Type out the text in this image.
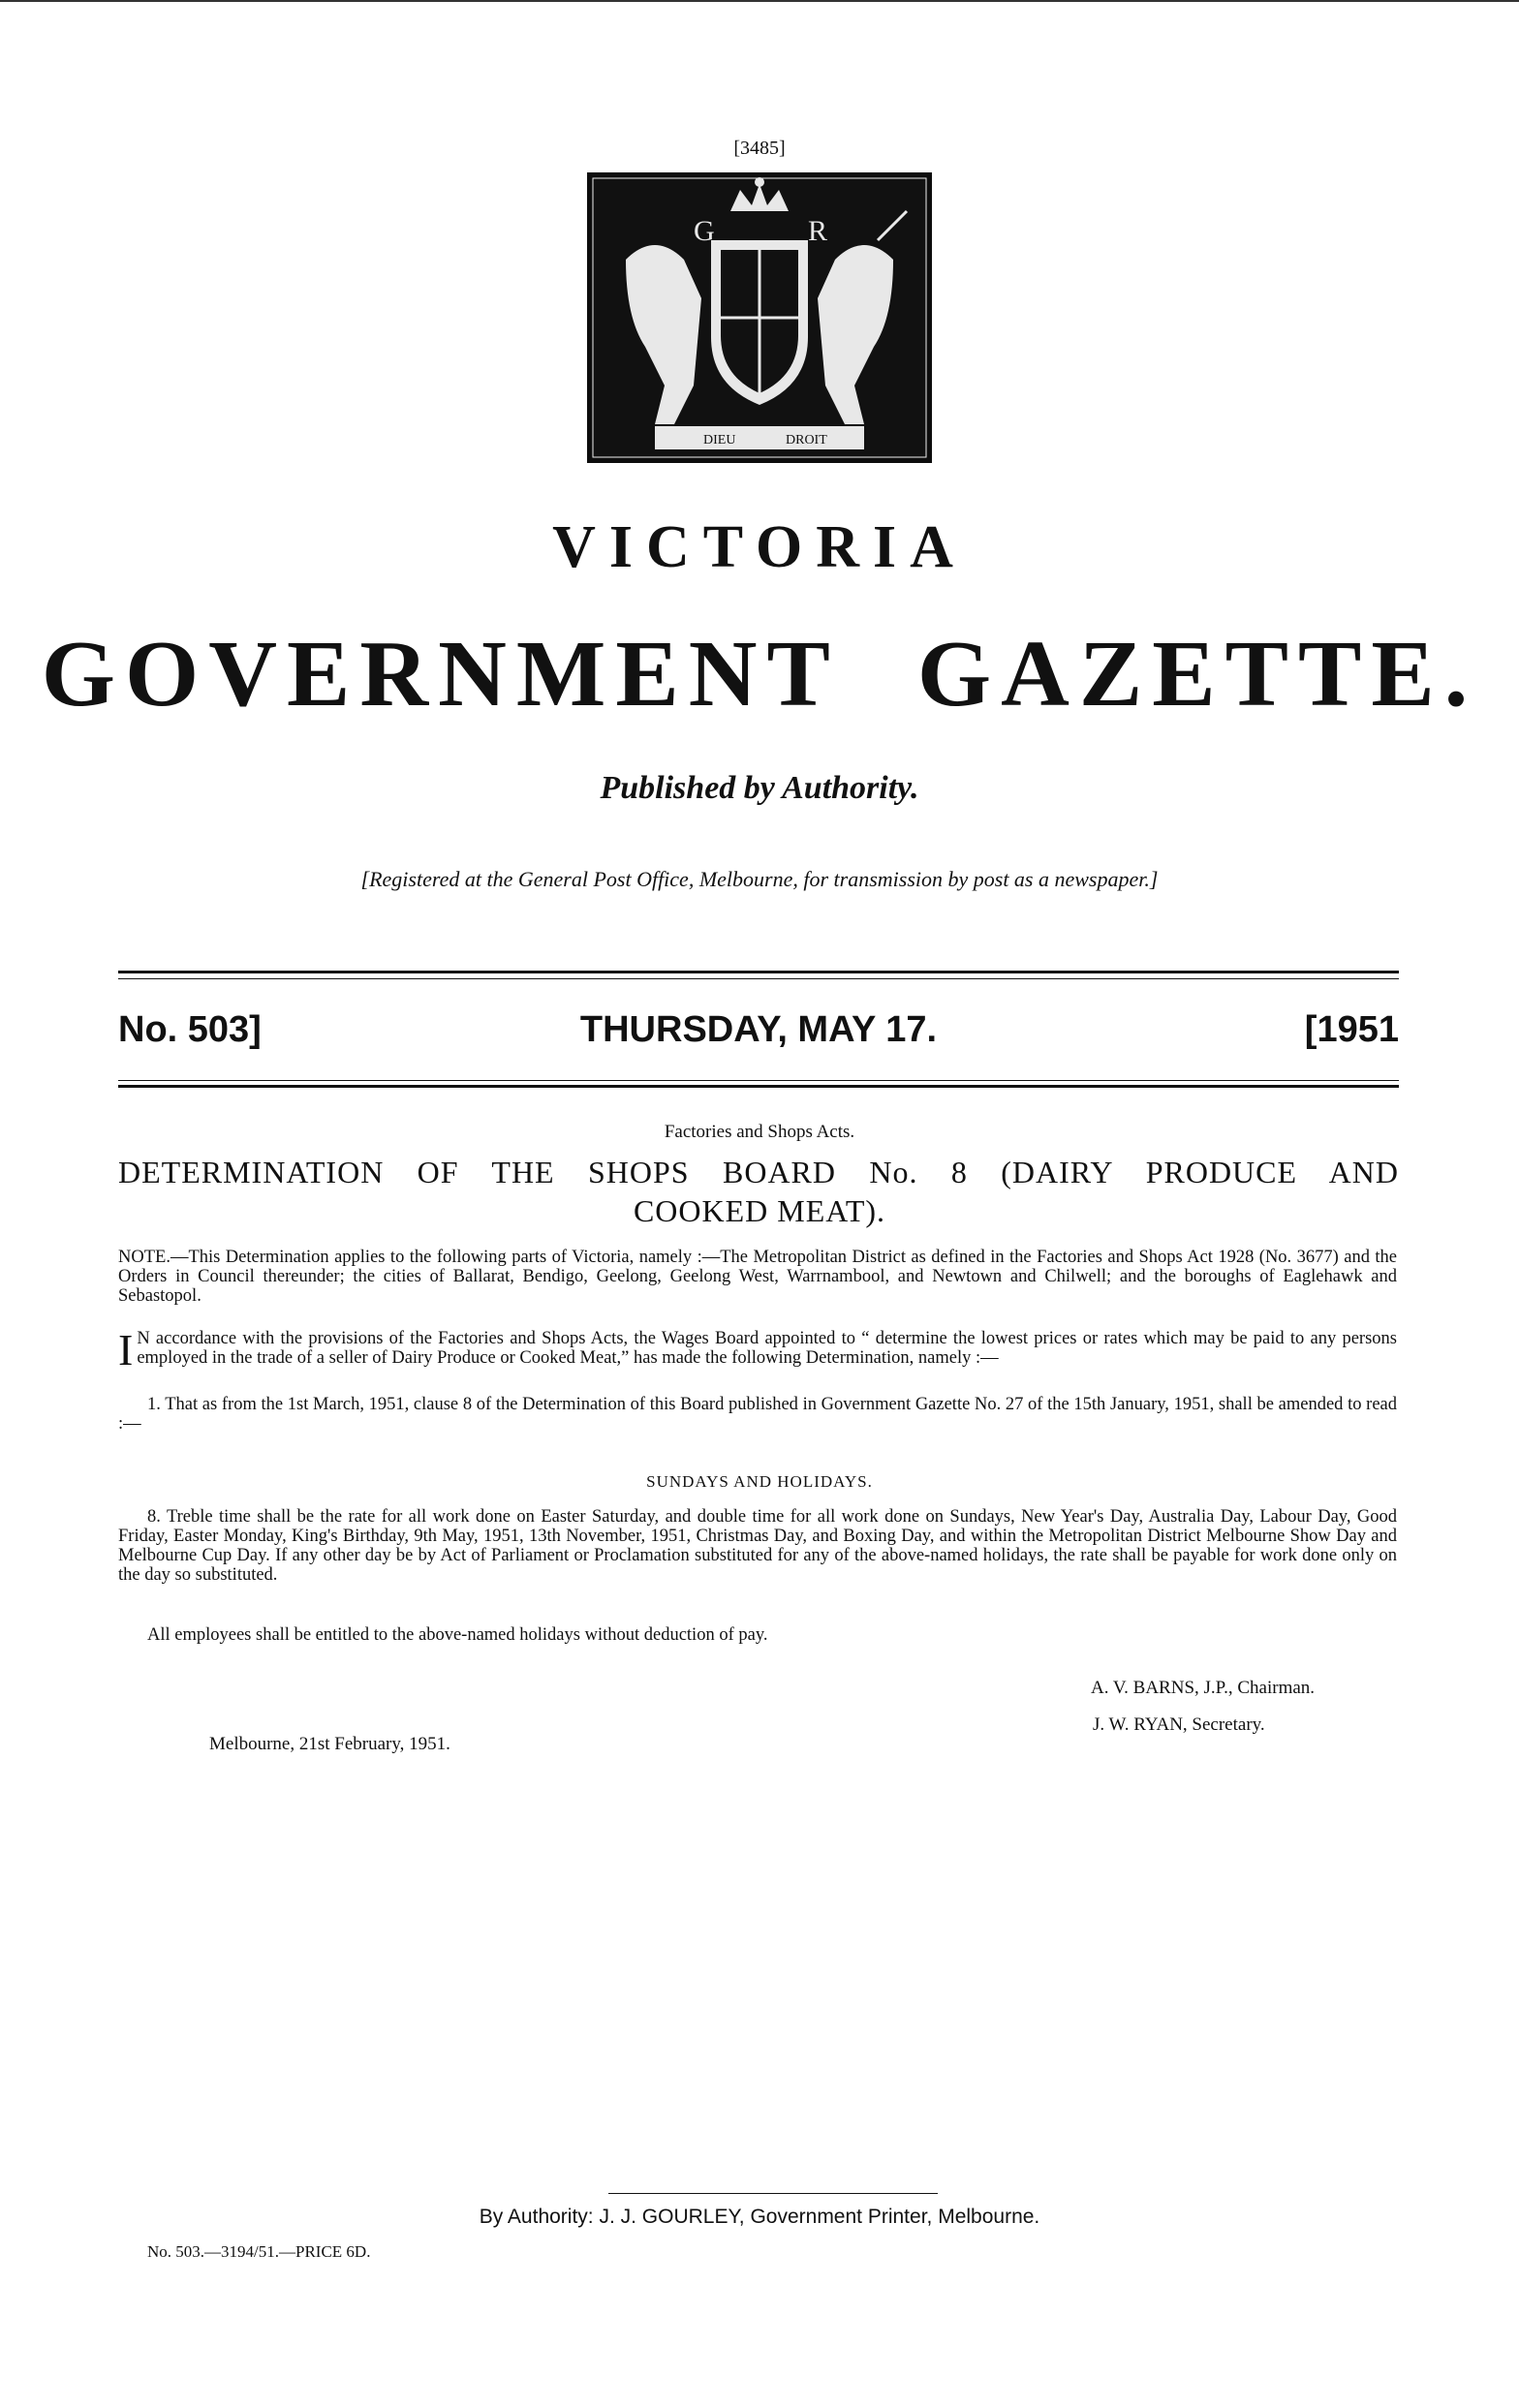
[3485]
G	R
DIEU	DROIT
VICTORIA
GOVERNMENT GAZETTE.
Published by Authority.
[Registered at the General Post Office, Melbourne, for transmission by post as a newspaper.]
No. 503]	THURSDAY, MAY 17.	[1951
Factories and Shops Acts.
DETERMINATION OF THE SHOPS BOARD No. 8 (DAIRY PRODUCE AND
COOKED MEAT).
NOTE.—This Determination applies to the following parts of Victoria, namely :—The Metropolitan District as defined in the Factories and Shops Act 1928 (No. 3677) and the Orders in Council thereunder; the cities of Ballarat, Bendigo, Geelong, Geelong West, Warrnambool, and Newtown and Chilwell; and the boroughs of Eaglehawk and Sebastopol.
I N accordance with the provisions of the Factories and Shops Acts, the Wages Board appointed to “ determine the lowest prices or rates which may be paid to any persons employed in the trade of a seller of Dairy Produce or Cooked Meat,” has made the following Determination, namely :—
1. That as from the 1st March, 1951, clause 8 of the Determination of this Board published in Government Gazette No. 27 of the 15th January, 1951, shall be amended to read :—
SUNDAYS AND HOLIDAYS.
8. Treble time shall be the rate for all work done on Easter Saturday, and double time for all work done on Sundays, New Year's Day, Australia Day, Labour Day, Good Friday, Easter Monday, King's Birthday, 9th May, 1951, 13th November, 1951, Christmas Day, and Boxing Day, and within the Metropolitan District Melbourne Show Day and Melbourne Cup Day. If any other day be by Act of Parliament or Proclamation substituted for any of the above-named holidays, the rate shall be payable for work done only on the day so substituted.
All employees shall be entitled to the above-named holidays without deduction of pay.
A. V. BARNS, J.P., Chairman.
J. W. RYAN, Secretary.
Melbourne, 21st February, 1951.
By Authority: J. J. GOURLEY, Government Printer, Melbourne.
No. 503.—3194/51.—PRICE 6D.
